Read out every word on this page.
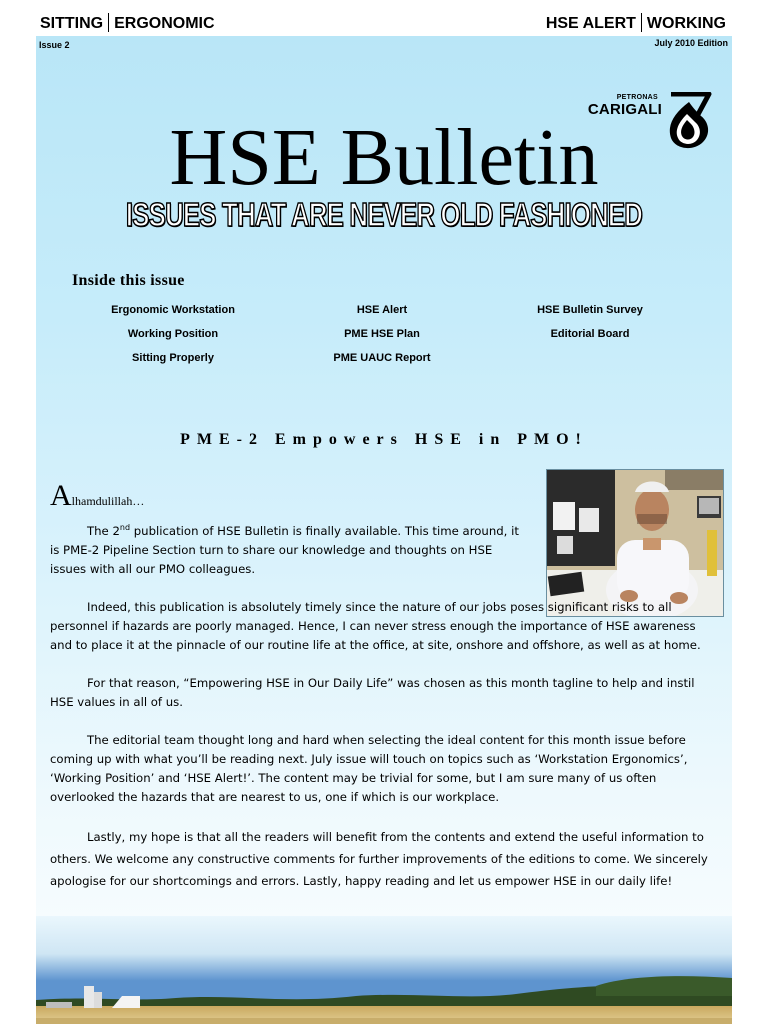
SITTING ERGONOMIC	HSE ALERT WORKING
Issue 2	July 2010 Edition
PETRONAS
CARIGALI
HSE Bulletin
ISSUES THAT ARE NEVER OLD FASHIONED
Inside this issue
Ergonomic Workstation
Working Position
Sitting Properly
HSE Alert
PME HSE Plan
PME UAUC Report
HSE Bulletin Survey
Editorial Board
PME-2 Empowers HSE in PMO!
Alhamdulillah…

The 2nd publication of HSE Bulletin is finally available. This time around, it is PME-2 Pipeline Section turn to share our knowledge and thoughts on HSE issues with all our PMO colleagues.

Indeed, this publication is absolutely timely since the nature of our jobs poses significant risks to all personnel if hazards are poorly managed. Hence, I can never stress enough the importance of HSE awareness and to place it at the pinnacle of our routine life at the office, at site, onshore and offshore, as well as at home.

For that reason, “Empowering HSE in Our Daily Life” was chosen as this month tagline to help and instil HSE values in all of us.

The editorial team thought long and hard when selecting the ideal content for this month issue before coming up with what you’ll be reading next. July issue will touch on topics such as ‘Workstation Ergonomics’, ‘Working Position’ and ‘HSE Alert!’. The content may be trivial for some, but I am sure many of us often overlooked the hazards that are nearest to us, one if which is our workplace.

Lastly, my hope is that all the readers will benefit from the contents and extend the useful information to others. We welcome any constructive comments for further improvements of the editions to come. We sincerely apologise for our shortcomings and errors. Lastly, happy reading and let us empower HSE in our daily life!
